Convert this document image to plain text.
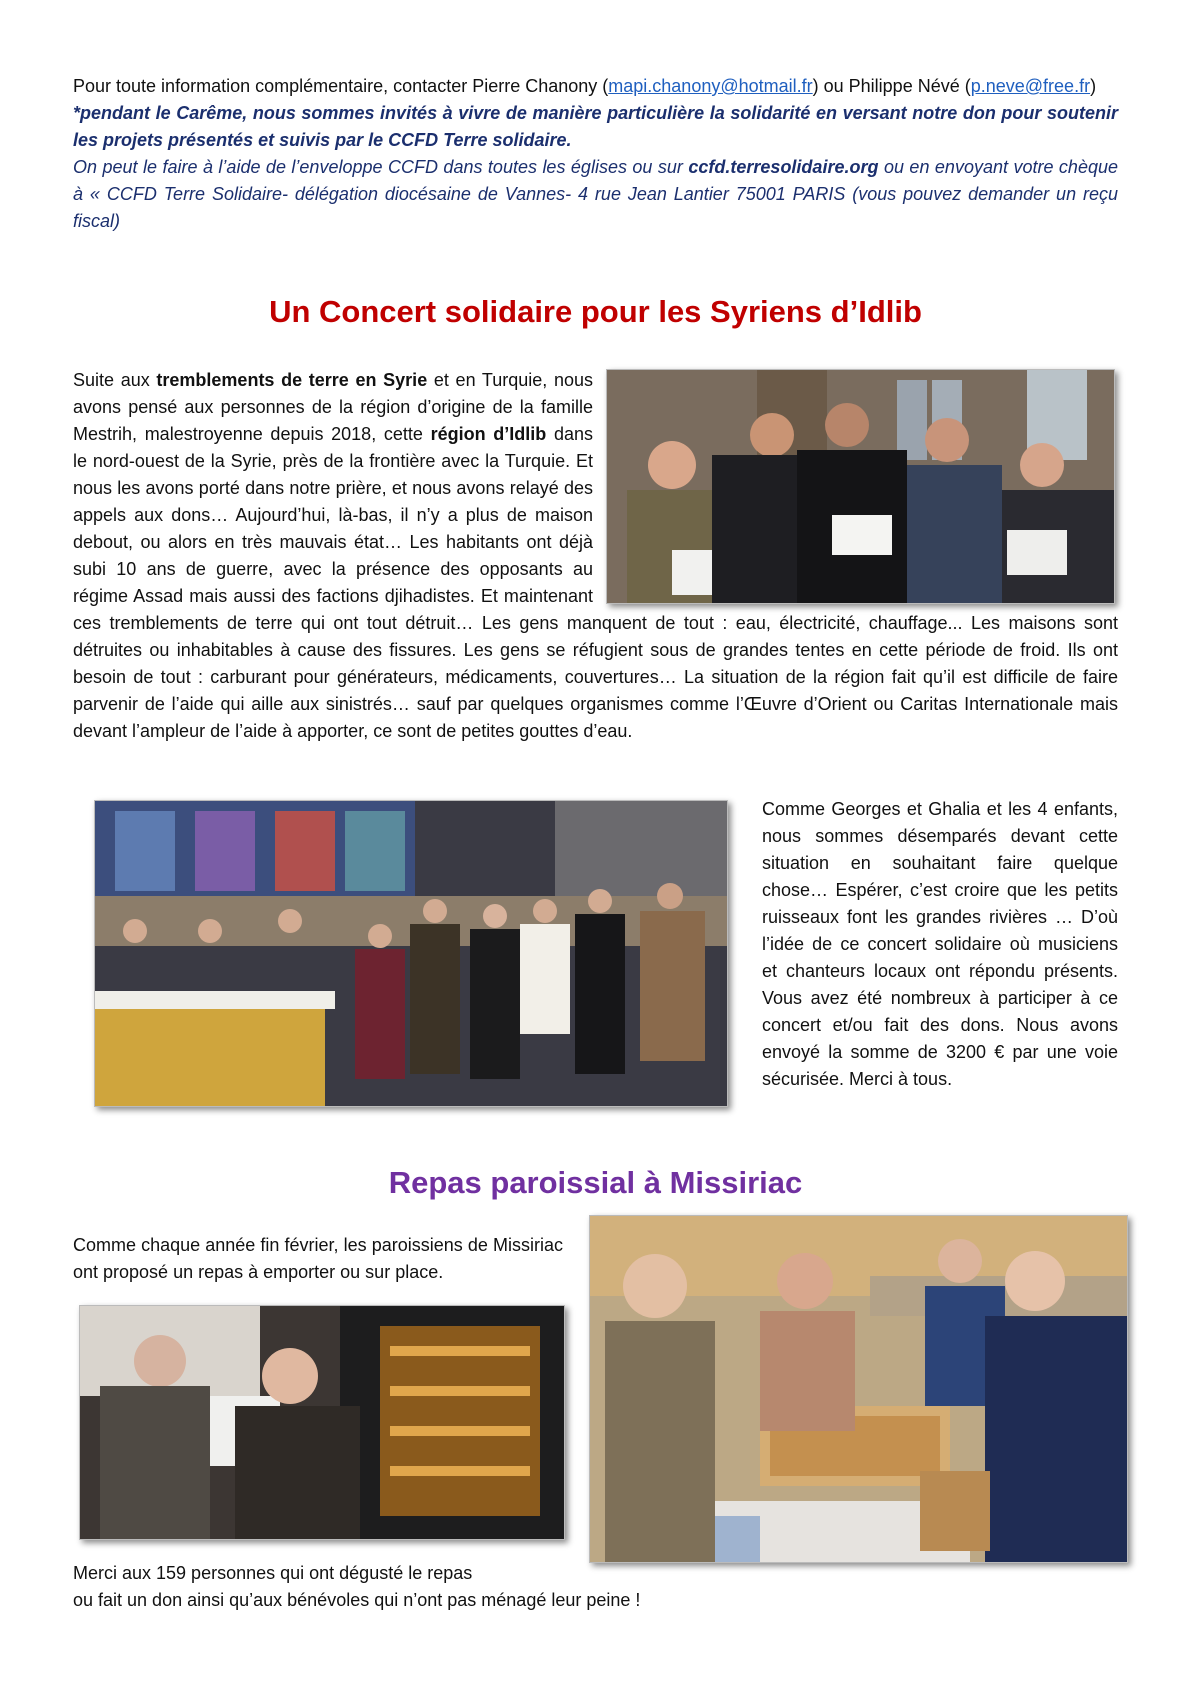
Pour toute information complémentaire, contacter Pierre Chanony (mapi.chanony@hotmail.fr) ou Philippe Névé (p.neve@free.fr)
*pendant le Carême, nous sommes invités à vivre de manière particulière la solidarité en versant notre don pour soutenir les projets présentés et suivis par le CCFD Terre solidaire.
On peut le faire à l’aide de l’enveloppe CCFD dans toutes les églises ou sur ccfd.terresolidaire.org ou en envoyant votre chèque à « CCFD Terre Solidaire- délégation diocésaine de Vannes- 4 rue Jean Lantier 75001 PARIS (vous pouvez demander un reçu fiscal)
Un Concert solidaire pour les Syriens d’Idlib
Suite aux tremblements de terre en Syrie et en Turquie, nous avons pensé aux personnes de la région d’origine de la famille Mestrih, malestroyenne depuis 2018, cette région d’Idlib dans le nord-ouest de la Syrie, près de la frontière avec la Turquie. Et nous les avons porté dans notre prière, et nous avons relayé des appels aux dons… Aujourd’hui, là-bas, il n’y a plus de maison debout, ou alors en très mauvais état… Les habitants ont déjà subi 10 ans de guerre, avec la présence des opposants au régime Assad mais aussi des factions djihadistes. Et maintenant ces tremblements de terre qui ont tout détruit… Les gens manquent de tout : eau, électricité, chauffage... Les maisons sont détruites ou inhabitables à cause des fissures. Les gens se réfugient sous de grandes tentes en cette période de froid. Ils ont besoin de tout : carburant pour générateurs, médicaments, couvertures… La situation de la région fait qu’il est difficile de faire parvenir de l’aide qui aille aux sinistrés… sauf par quelques organismes comme l’Œuvre d’Orient ou Caritas Internationale mais devant l’ampleur de l’aide à apporter, ce sont de petites gouttes d’eau.
Comme Georges et Ghalia et les 4 enfants, nous sommes désemparés devant cette situation en souhaitant faire quelque chose… Espérer, c’est croire que les petits ruisseaux font les grandes rivières … D’où l’idée de ce concert solidaire où musiciens et chanteurs locaux ont répondu présents. Vous avez été nombreux à participer à ce concert et/ou fait des dons. Nous avons envoyé la somme de 3200 € par une voie sécurisée. Merci à tous.
Repas paroissial à Missiriac
Comme chaque année fin février, les paroissiens de Missiriac ont proposé un repas à emporter ou sur place.
Merci aux 159 personnes qui ont dégusté le repas
ou fait un don ainsi qu’aux bénévoles qui n’ont pas ménagé leur peine !
